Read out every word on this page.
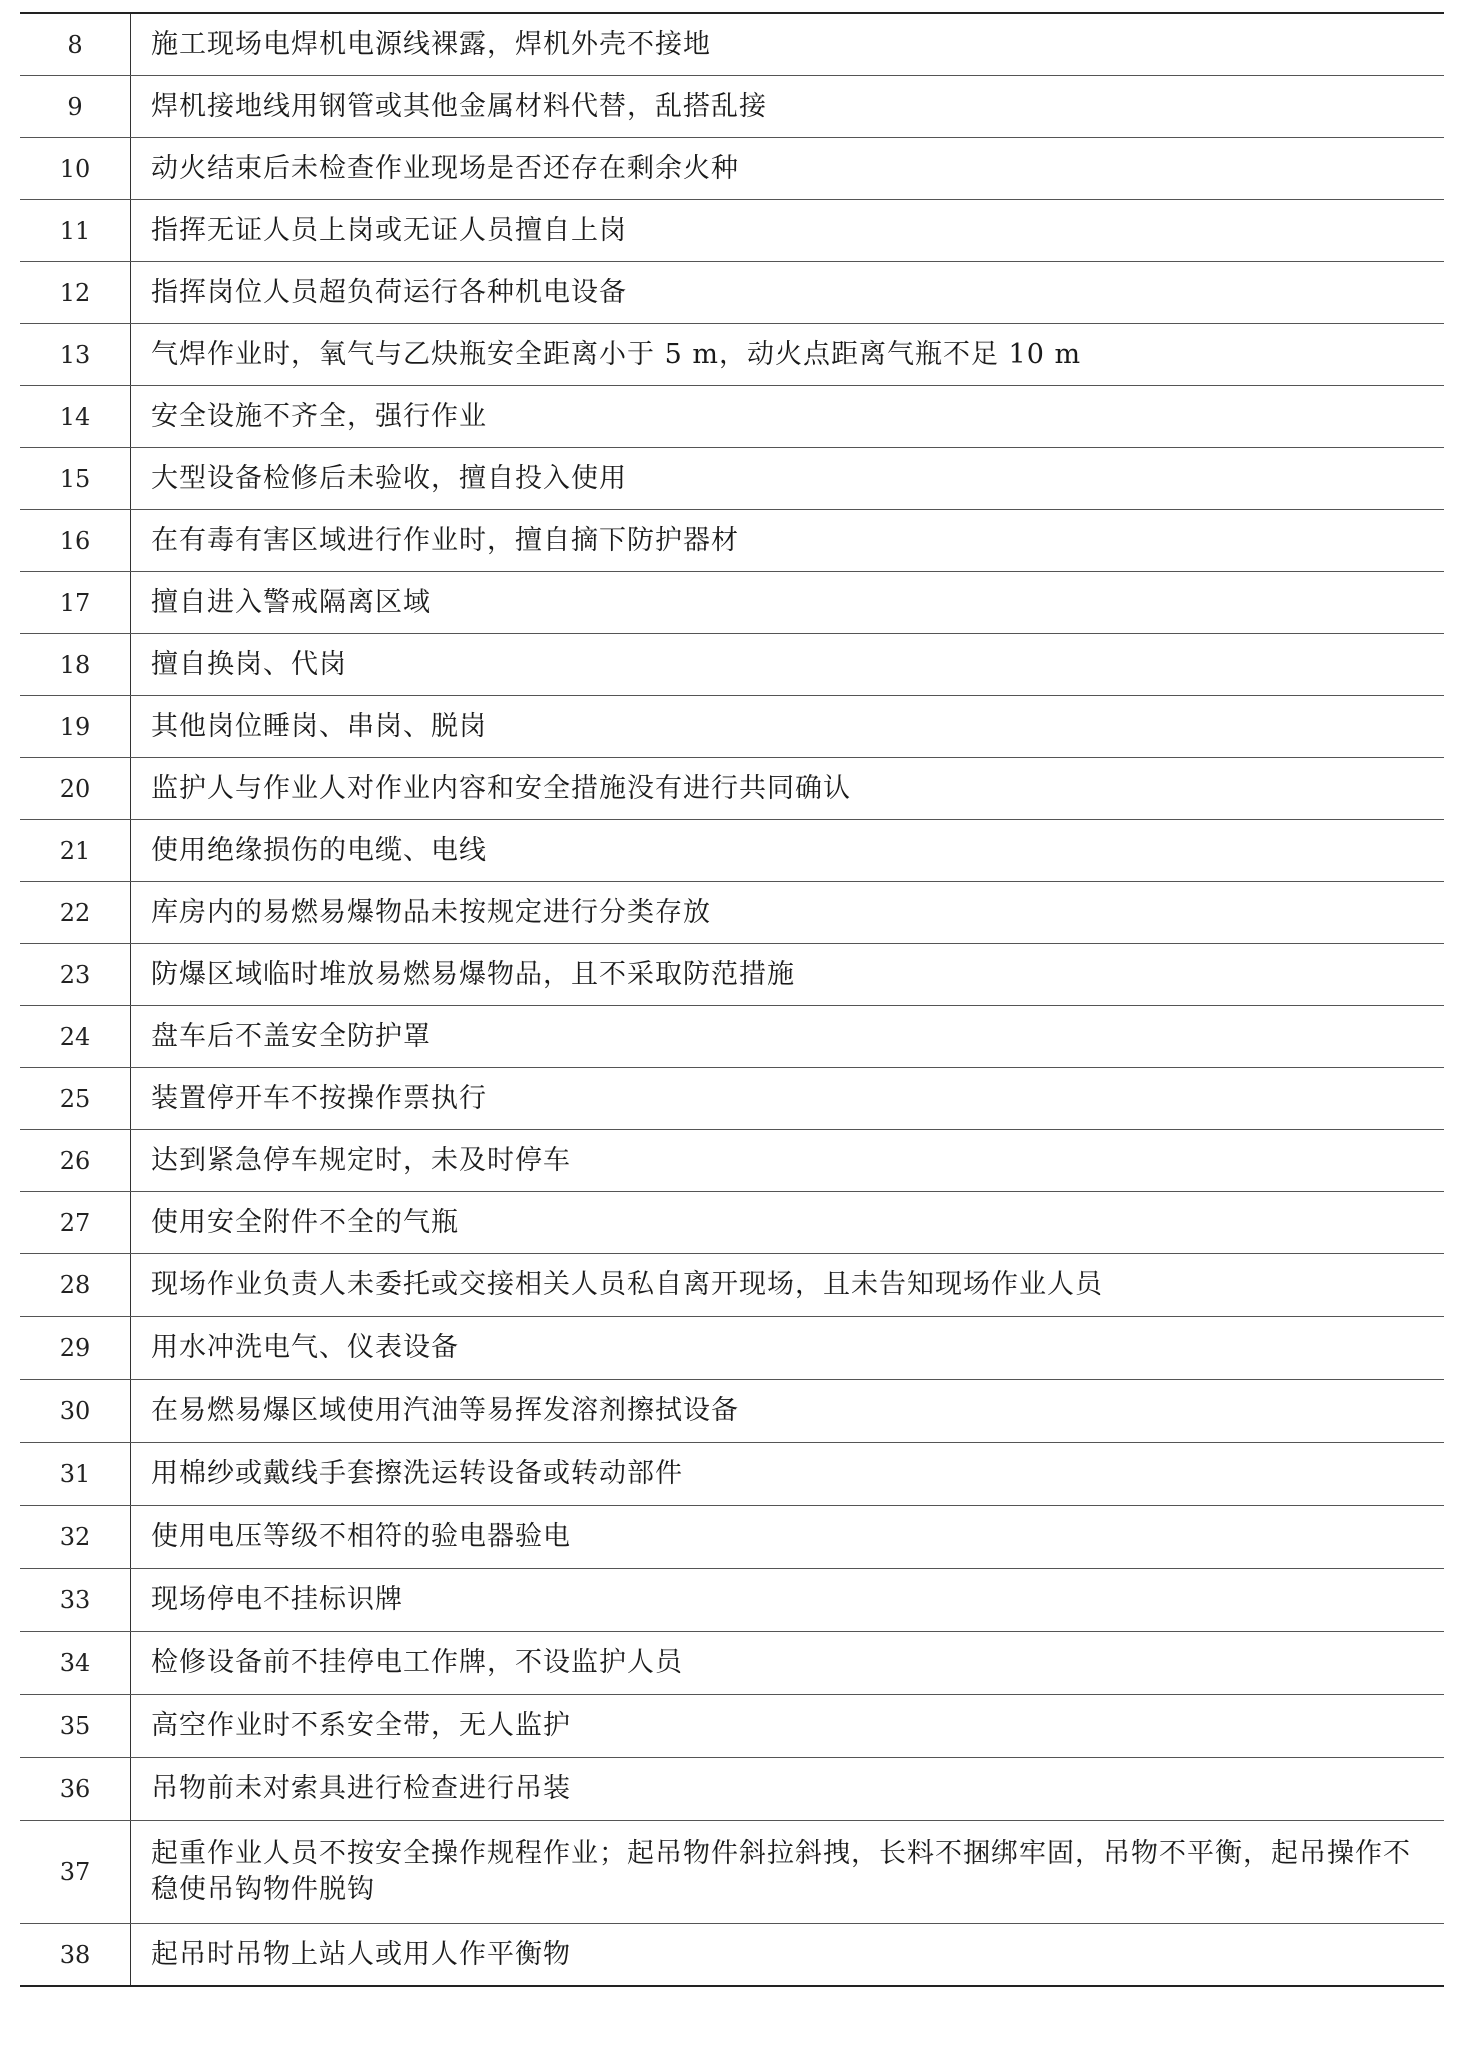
8	施工现场电焊机电源线裸露，焊机外壳不接地
9	焊机接地线用钢管或其他金属材料代替，乱搭乱接
10	动火结束后未检查作业现场是否还存在剩余火种
11	指挥无证人员上岗或无证人员擅自上岗
12	指挥岗位人员超负荷运行各种机电设备
13	气焊作业时，氧气与乙炔瓶安全距离小于 5 m，动火点距离气瓶不足 10 m
14	安全设施不齐全，强行作业
15	大型设备检修后未验收，擅自投入使用
16	在有毒有害区域进行作业时，擅自摘下防护器材
17	擅自进入警戒隔离区域
18	擅自换岗、代岗
19	其他岗位睡岗、串岗、脱岗
20	监护人与作业人对作业内容和安全措施没有进行共同确认
21	使用绝缘损伤的电缆、电线
22	库房内的易燃易爆物品未按规定进行分类存放
23	防爆区域临时堆放易燃易爆物品，且不采取防范措施
24	盘车后不盖安全防护罩
25	装置停开车不按操作票执行
26	达到紧急停车规定时，未及时停车
27	使用安全附件不全的气瓶
28	现场作业负责人未委托或交接相关人员私自离开现场，且未告知现场作业人员
29	用水冲洗电气、仪表设备
30	在易燃易爆区域使用汽油等易挥发溶剂擦拭设备
31	用棉纱或戴线手套擦洗运转设备或转动部件
32	使用电压等级不相符的验电器验电
33	现场停电不挂标识牌
34	检修设备前不挂停电工作牌，不设监护人员
35	高空作业时不系安全带，无人监护
36	吊物前未对索具进行检查进行吊装
37	起重作业人员不按安全操作规程作业；起吊物件斜拉斜拽，长料不捆绑牢固，吊物不平衡，起吊操作不稳使吊钩物件脱钩
38	起吊时吊物上站人或用人作平衡物
